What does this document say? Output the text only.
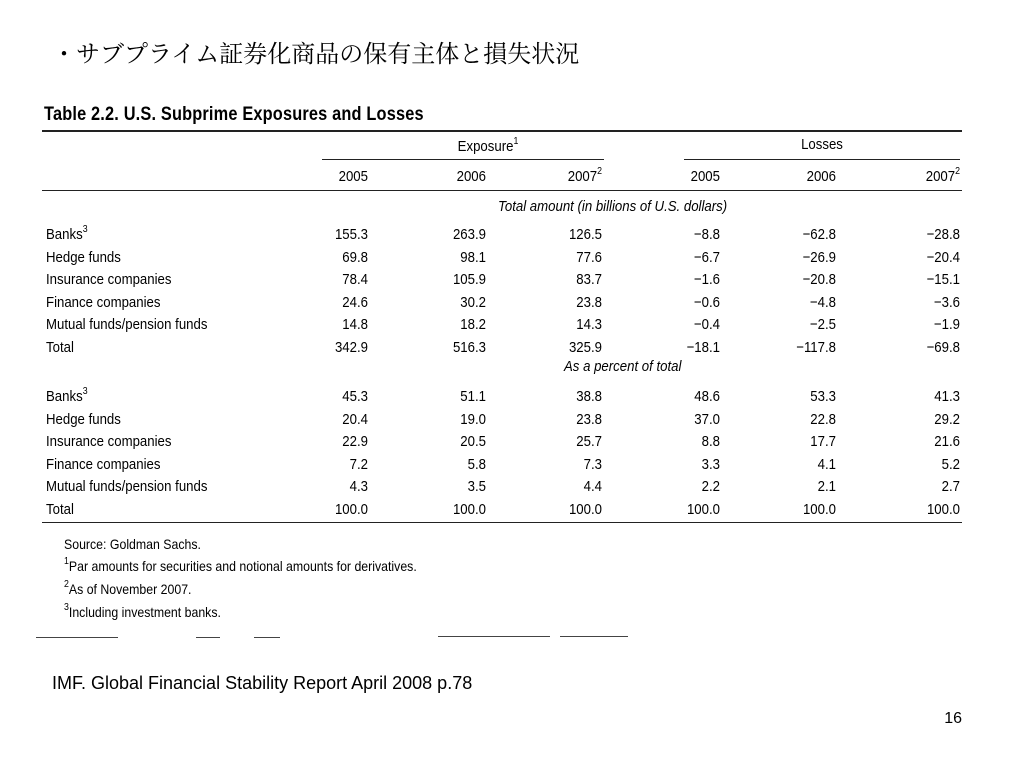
・サブプライム証券化商品の保有主体と損失状況
Table 2.2. U.S. Subprime Exposures and Losses
Exposure$^1$	Losses
2005	2006	2007$^2$	2005	2006	2007$^2$
Total amount (in billions of U.S. dollars)
Banks$^3$	155.3	263.9	126.5	−8.8	−62.8	−28.8
Hedge funds	69.8	98.1	77.6	−6.7	−26.9	−20.4
Insurance companies	78.4	105.9	83.7	−1.6	−20.8	−15.1
Finance companies	24.6	30.2	23.8	−0.6	−4.8	−3.6
Mutual funds/pension funds	14.8	18.2	14.3	−0.4	−2.5	−1.9
Total	342.9	516.3	325.9	−18.1	−117.8	−69.8
As a percent of total
Banks$^3$	45.3	51.1	38.8	48.6	53.3	41.3
Hedge funds	20.4	19.0	23.8	37.0	22.8	29.2
Insurance companies	22.9	20.5	25.7	8.8	17.7	21.6
Finance companies	7.2	5.8	7.3	3.3	4.1	5.2
Mutual funds/pension funds	4.3	3.5	4.4	2.2	2.1	2.7
Total	100.0	100.0	100.0	100.0	100.0	100.0
Source: Goldman Sachs.
$^1$Par amounts for securities and notional amounts for derivatives.
$^2$As of November 2007.
$^3$Including investment banks.
IMF. Global Financial Stability Report April 2008 p.78
16
